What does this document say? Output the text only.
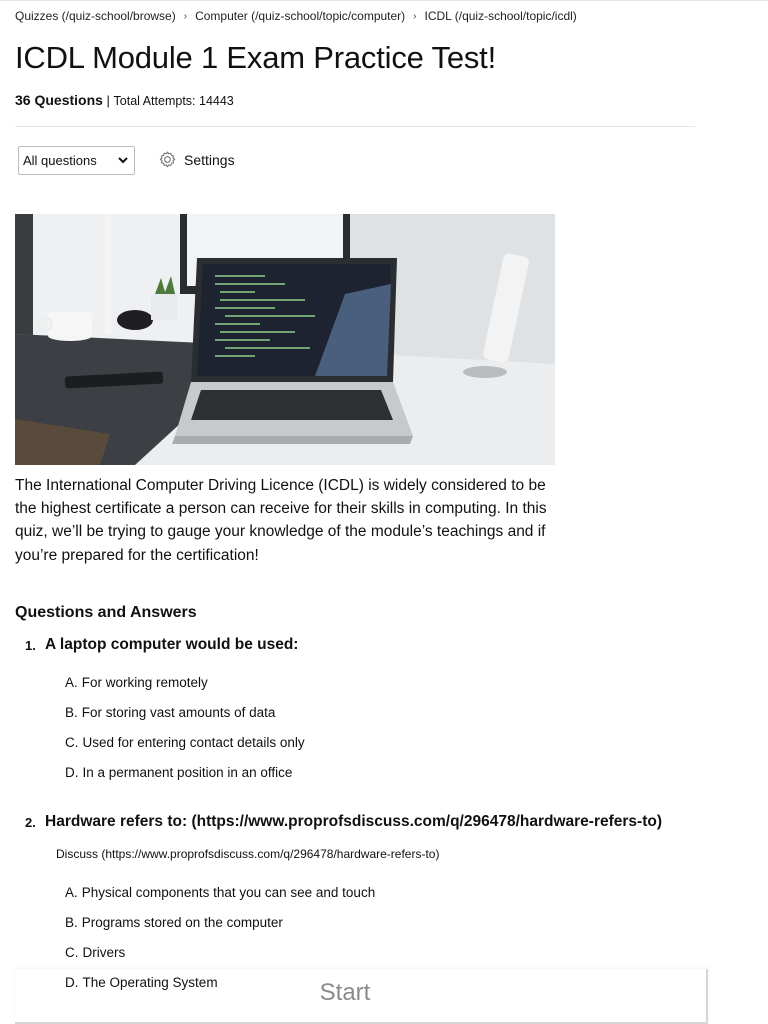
Quizzes (/quiz-school/browse) › Computer (/quiz-school/topic/computer) › ICDL (/quiz-school/topic/icdl)
ICDL Module 1 Exam Practice Test!
36 Questions | Total Attempts: 14443
All questions	Settings

The International Computer Driving Licence (ICDL) is widely considered to be the highest certificate a person can receive for their skills in computing. In this quiz, we’ll be trying to gauge your knowledge of the module’s teachings and if you’re prepared for the certification!

Questions and Answers
1. A laptop computer would be used:
A. For working remotely
B. For storing vast amounts of data
C. Used for entering contact details only
D. In a permanent position in an office
2. Hardware refers to: (https://www.proprofsdiscuss.com/q/296478/hardware-refers-to)
Discuss (https://www.proprofsdiscuss.com/q/296478/hardware-refers-to)
A. Physical components that you can see and touch
B. Programs stored on the computer
C. Drivers
Start
D. The Operating System
